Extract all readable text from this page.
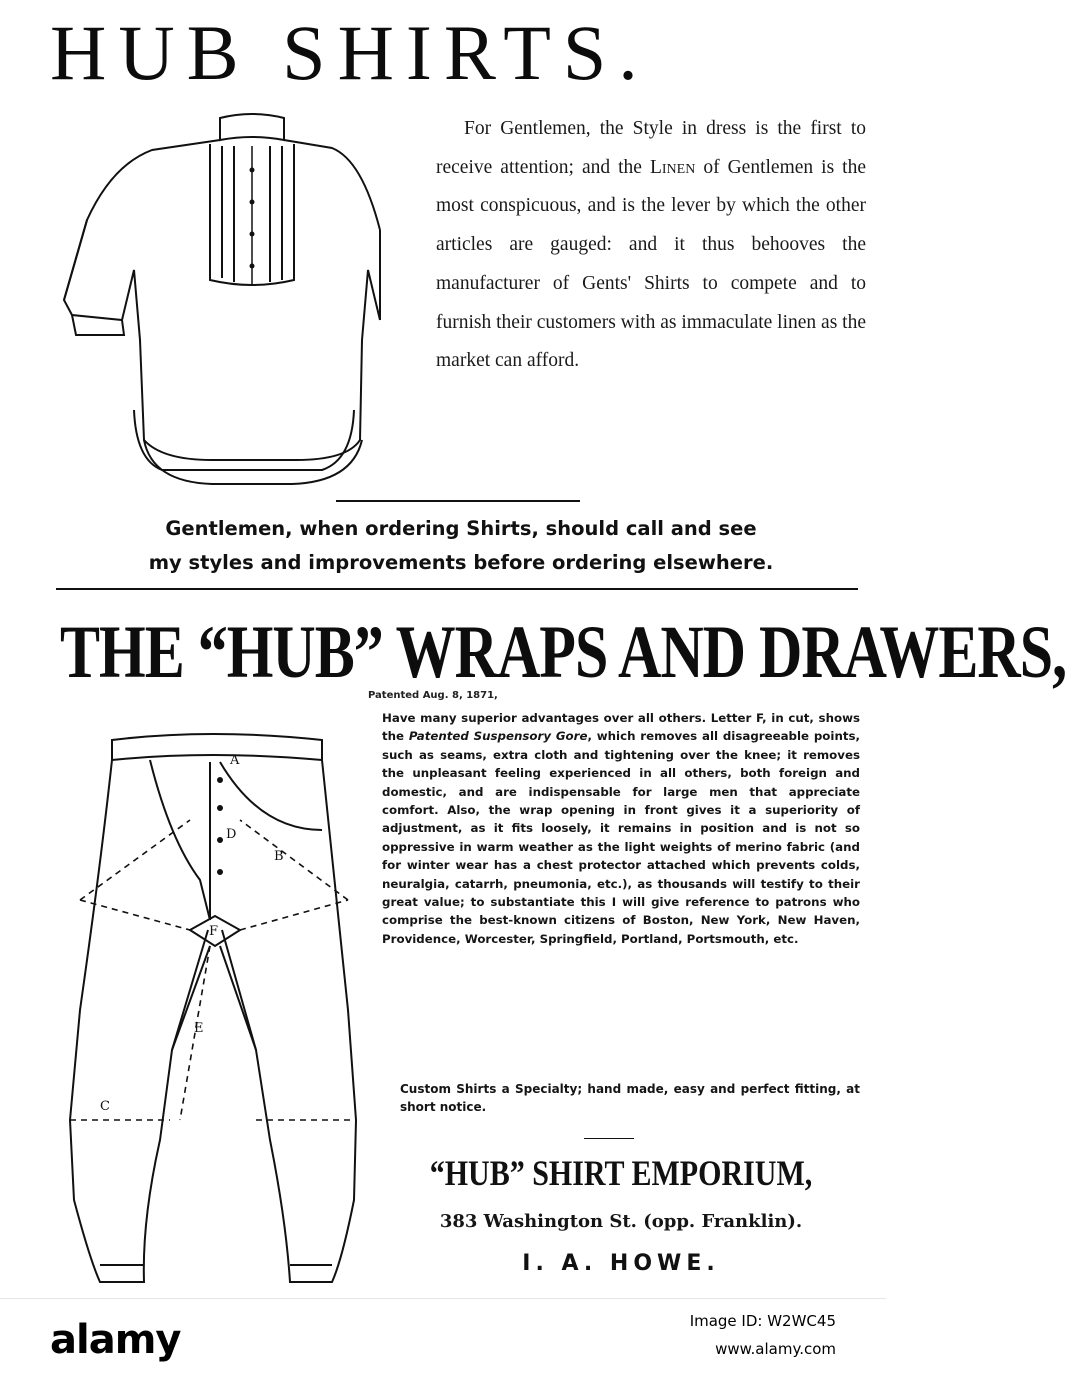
HUB SHIRTS.
For Gentlemen, the Style in dress is the first to receive attention; and the Linen of Gentlemen is the most conspicuous, and is the lever by which the other articles are gauged: and it thus behooves the manufacturer of Gents' Shirts to compete and to furnish their customers with as immaculate linen as the market can afford.
Gentlemen, when ordering Shirts, should call and see
my styles and improvements before ordering elsewhere.
THE “HUB” WRAPS AND DRAWERS,
Patented Aug. 8, 1871,
A
B
C
E
F
D
Have many superior advantages over all others. Letter F, in cut, shows the Patented Suspensory Gore, which removes all disagreeable points, such as seams, extra cloth and tightening over the knee; it removes the unpleasant feeling experienced in all others, both foreign and domestic, and are indispensable for large men that appreciate comfort. Also, the wrap opening in front gives it a superiority of adjustment, as it fits loosely, it remains in position and is not so oppressive in warm weather as the light weights of merino fabric (and for winter wear has a chest protector attached which prevents colds, neuralgia, catarrh, pneumonia, etc.), as thousands will testify to their great value; to substantiate this I will give reference to patrons who comprise the best-known citizens of Boston, New York, New Haven, Providence, Worcester, Springfield, Portland, Portsmouth, etc.
Custom Shirts a Specialty; hand made, easy and perfect fitting, at short notice.
“HUB” SHIRT EMPORIUM,
383 Washington St. (opp. Franklin).
I. A. HOWE.
alamy	Image ID: W2WC45
www.alamy.com
